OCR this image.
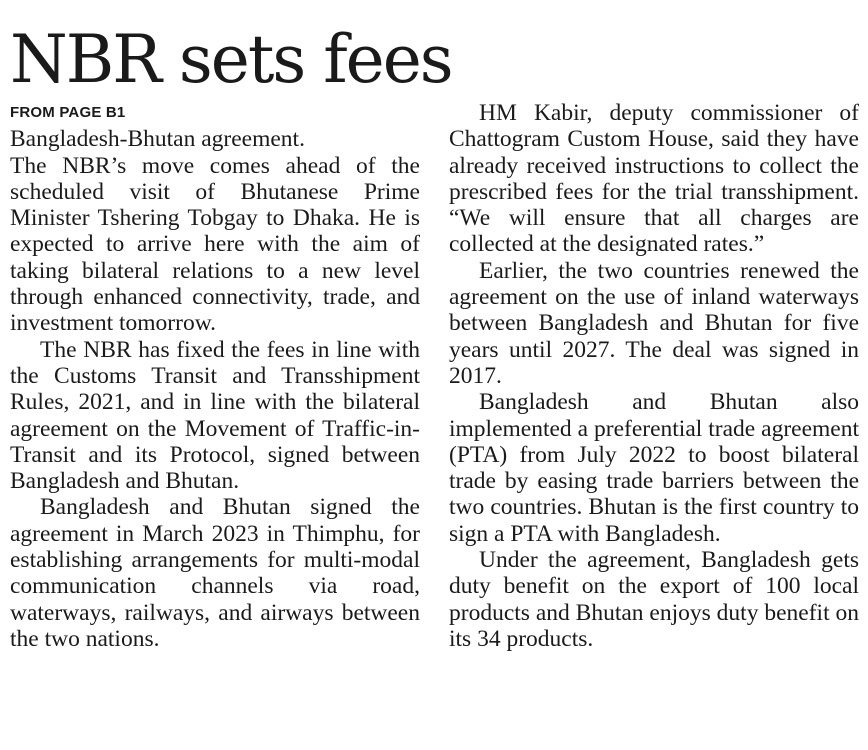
NBR sets fees
FROM PAGE B1

Bangladesh-Bhutan agreement.

The NBR’s move comes ahead of the scheduled visit of Bhutanese Prime Minister Tshering Tobgay to Dhaka. He is expected to arrive here with the aim of taking bilateral relations to a new level through enhanced connectivity, trade, and investment tomorrow.

The NBR has fixed the fees in line with the Customs Transit and Transshipment Rules, 2021, and in line with the bilateral agreement on the Movement of Traffic-in-Transit and its Protocol, signed between Bangladesh and Bhutan.

Bangladesh and Bhutan signed the agreement in March 2023 in Thimphu, for establishing arrangements for multi-modal communication channels via road, waterways, railways, and airways between the two nations.

HM Kabir, deputy commissioner of Chattogram Custom House, said they have already received instructions to collect the prescribed fees for the trial transshipment. “We will ensure that all charges are collected at the designated rates.”

Earlier, the two countries renewed the agreement on the use of inland waterways between Bangladesh and Bhutan for five years until 2027. The deal was signed in 2017.

Bangladesh and Bhutan also implemented a preferential trade agreement (PTA) from July 2022 to boost bilateral trade by easing trade barriers between the two countries. Bhutan is the first country to sign a PTA with Bangladesh.

Under the agreement, Bangladesh gets duty benefit on the export of 100 local products and Bhutan enjoys duty benefit on its 34 products.
